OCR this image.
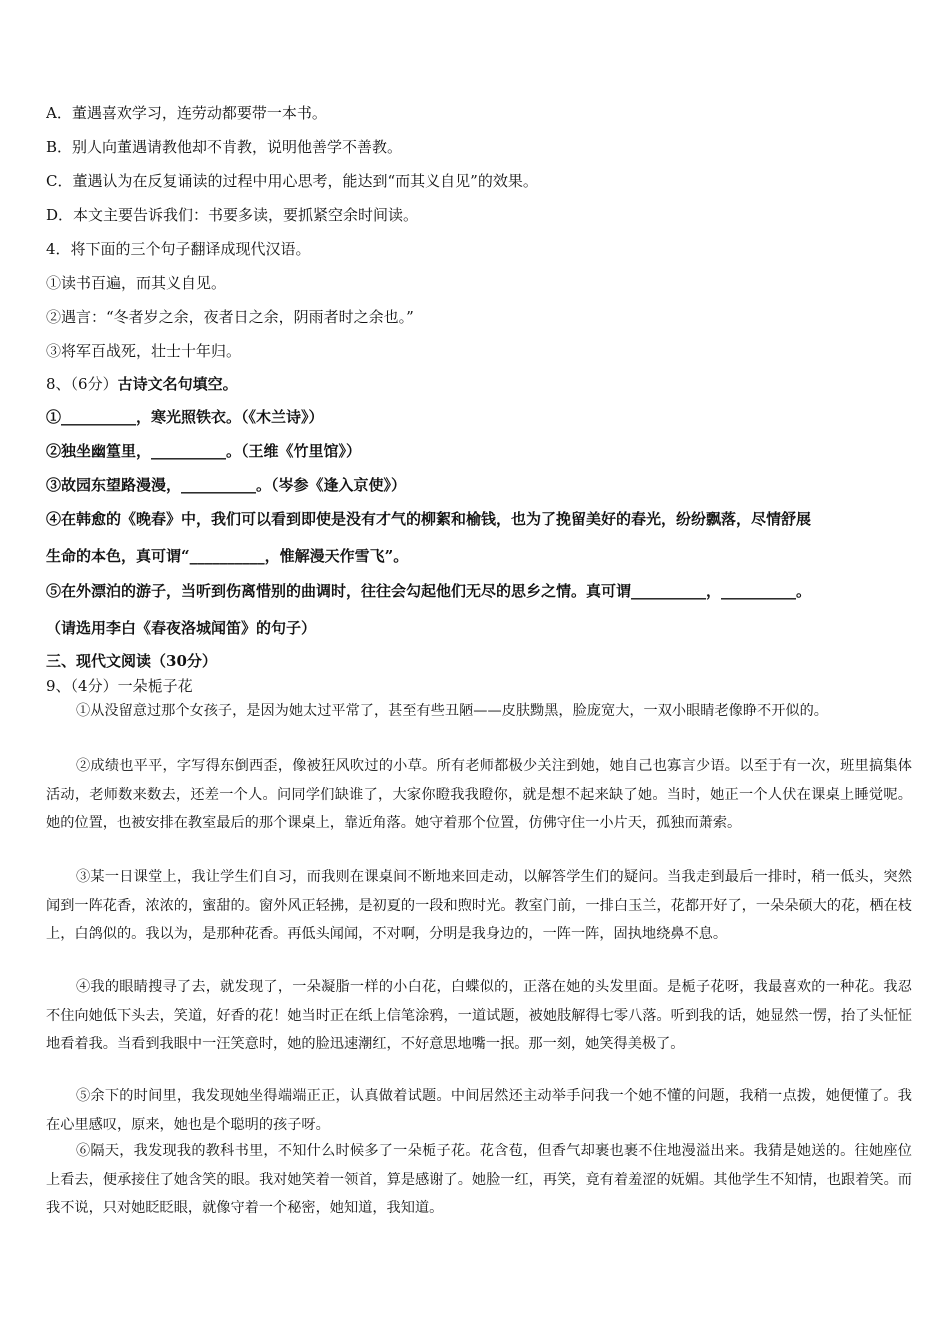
A．董遇喜欢学习，连劳动都要带一本书。
B．别人向董遇请教他却不肯教，说明他善学不善教。
C．董遇认为在反复诵读的过程中用心思考，能达到“而其义自见”的效果。
D．本文主要告诉我们：书要多读，要抓紧空余时间读。
4．将下面的三个句子翻译成现代汉语。
①读书百遍，而其义自见。
②遇言：“冬者岁之余，夜者日之余，阴雨者时之余也。”
③将军百战死，壮士十年归。
8、（6分）古诗文名句填空。
①__________，寒光照铁衣。（《木兰诗》）
②独坐幽篁里，__________。（王维《竹里馆》）
③故园东望路漫漫，__________。（岑参《逢入京使》）
④在韩愈的《晚春》中，我们可以看到即使是没有才气的柳絮和榆钱，也为了挽留美好的春光，纷纷飘落，尽情舒展
生命的本色，真可谓“__________，惟解漫天作雪飞”。
⑤在外漂泊的游子，当听到伤离惜别的曲调时，往往会勾起他们无尽的思乡之情。真可谓__________，__________。
（请选用李白《春夜洛城闻笛》的句子）
三、现代文阅读（30分）
9、（4分）一朵栀子花

①从没留意过那个女孩子，是因为她太过平常了，甚至有些丑陋——皮肤黝黑，脸庞宽大，一双小眼睛老像睁不开似的。

②成绩也平平，字写得东倒西歪，像被狂风吹过的小草。所有老师都极少关注到她，她自己也寡言少语。以至于有一次，班里搞集体活动，老师数来数去，还差一个人。问同学们缺谁了，大家你瞪我我瞪你，就是想不起来缺了她。当时，她正一个人伏在课桌上睡觉呢。 她的位置，也被安排在教室最后的那个课桌上，靠近角落。她守着那个位置，仿佛守住一小片天，孤独而萧索。

③某一日课堂上，我让学生们自习，而我则在课桌间不断地来回走动，以解答学生们的疑问。当我走到最后一排时，稍一低头，突然闻到一阵花香，浓浓的，蜜甜的。窗外风正轻拂，是初夏的一段和煦时光。教室门前，一排白玉兰，花都开好了，一朵朵硕大的花，栖在枝上，白鸽似的。我以为，是那种花香。再低头闻闻，不对啊，分明是我身边的，一阵一阵，固执地绕鼻不息。

④我的眼睛搜寻了去，就发现了，一朵凝脂一样的小白花，白蝶似的，正落在她的头发里面。是栀子花呀，我最喜欢的一种花。我忍不住向她低下头去，笑道，好香的花！她当时正在纸上信笔涂鸦，一道试题，被她肢解得七零八落。听到我的话，她显然一愣，抬了头怔怔地看着我。当看到我眼中一汪笑意时，她的脸迅速潮红，不好意思地嘴一抿。那一刻，她笑得美极了。

⑤余下的时间里，我发现她坐得端端正正，认真做着试题。中间居然还主动举手问我一个她不懂的问题，我稍一点拨，她便懂了。我在心里感叹，原来，她也是个聪明的孩子呀。

⑥隔天，我发现我的教科书里，不知什么时候多了一朵栀子花。花含苞，但香气却裹也裹不住地漫溢出来。我猜是她送的。往她座位上看去，便承接住了她含笑的眼。我对她笑着一领首，算是感谢了。她脸一红，再笑，竟有着羞涩的妩媚。其他学生不知情，也跟着笑。而我不说，只对她眨眨眼，就像守着一个秘密，她知道，我知道。
